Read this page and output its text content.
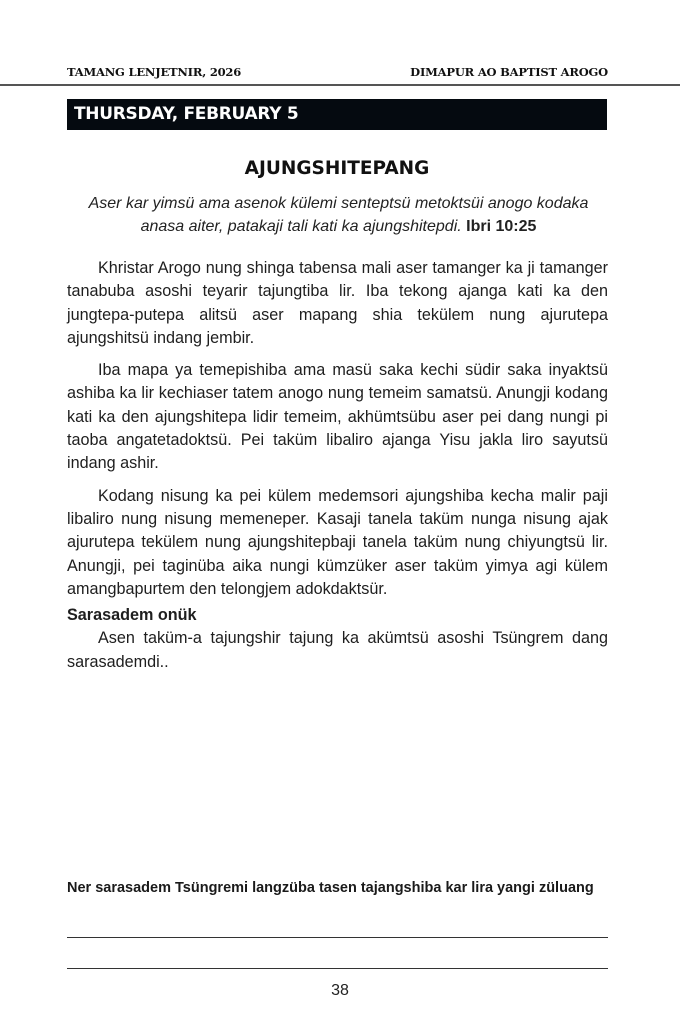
TAMANG LENJETNIR, 2026	DIMAPUR AO BAPTIST AROGO
THURSDAY, FEBRUARY 5
AJUNGSHITEPANG
Aser kar yimsü ama asenok külemi senteptsü metoktsüi anogo kodaka anasa aiter, patakaji tali kati ka ajungshitepdi. Ibri 10:25

Khristar Arogo nung shinga tabensa mali aser tamanger ka ji tamanger tanabuba asoshi teyarir tajungtiba lir. Iba tekong ajanga kati ka den jungtepa-putepa alitsü aser mapang shia tekülem nung ajurutepa ajungshitsü indang jembir.

Iba mapa ya temepishiba ama masü saka kechi südir saka inyaktsü ashiba ka lir kechiaser tatem anogo nung temeim samatsü. Anungji kodang kati ka den ajungshitepa lidir temeim, akhümtsübu aser pei dang nungi pi taoba angatetadoktsü. Pei taküm libaliro ajanga Yisu jakla liro sayutsü indang ashir.

Kodang nisung ka pei külem medemsori ajungshiba kecha malir paji libaliro nung nisung memeneper. Kasaji tanela taküm nunga nisung ajak ajurutepa tekülem nung ajungshitepbaji tanela taküm nung chiyungtsü lir. Anungji, pei taginüba aika nungi kümzüker aser taküm yimya agi külem amangbapurtem den telongjem adokdaktsür.

Sarasadem onük

Asen taküm-a tajungshir tajung ka akümtsü asoshi Tsüngrem dang sarasademdi..

Ner sarasadem Tsüngremi langzüba tasen tajangshiba kar lira yangi züluang
38
